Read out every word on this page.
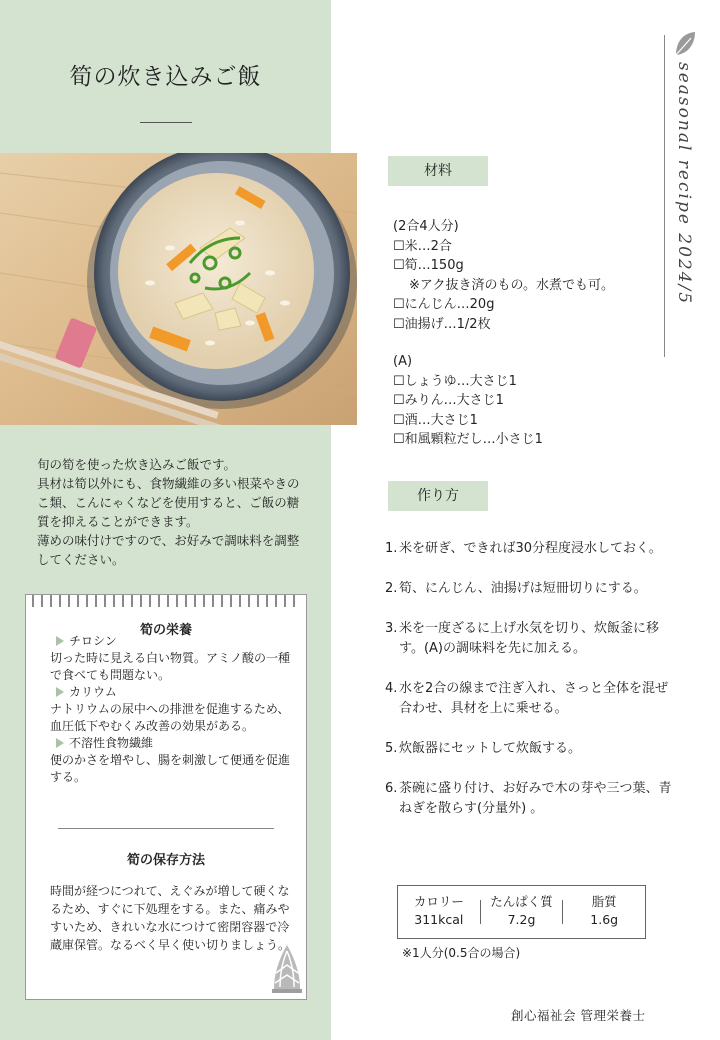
筍の炊き込みご飯

旬の筍を使った炊き込みご飯です。

具材は筍以外にも、食物繊維の多い根菜やきのこ類、こんにゃくなどを使用すると、ご飯の糖質を抑えることができます。

薄めの味付けですので、お好みで調味料を調整してください。

筍の栄養
チロシン
切った時に見える白い物質。アミノ酸の一種で食べても問題ない。
カリウム
ナトリウムの尿中への排泄を促進するため、血圧低下やむくみ改善の効果がある。
不溶性食物繊維
便のかさを増やし、腸を刺激して便通を促進する。
筍の保存方法
時間が経つにつれて、えぐみが増して硬くなるため、すぐに下処理をする。また、痛みやすいため、きれいな水につけて密閉容器で冷蔵庫保管。なるべく早く使い切りましょう。
材料
(2合4人分)
☐米…2合
☐筍…150g
※アク抜き済のもの。水煮でも可。
☐にんじん…20g
☐油揚げ…1/2枚
(A)
☐しょうゆ…大さじ1
☐みりん…大さじ1
☐酒…大さじ1
☐和風顆粒だし…小さじ1
作り方
1. 米を研ぎ、できれば30分程度浸水しておく。
2. 筍、にんじん、油揚げは短冊切りにする。
3. 米を一度ざるに上げ水気を切り、炊飯釜に移す。(A)の調味料を先に加える。
4. 水を2合の線まで注ぎ入れ、さっと全体を混ぜ合わせ、具材を上に乗せる。
5. 炊飯器にセットして炊飯する。
6. 茶碗に盛り付け、お好みで木の芽や三つ葉、青ねぎを散らす(分量外) 。
カロリー
311kcal
たんぱく質
7.2g
脂質
1.6g
※1人分(0.5合の場合)
創心福祉会 管理栄養士
seasonal recipe 2024/5
